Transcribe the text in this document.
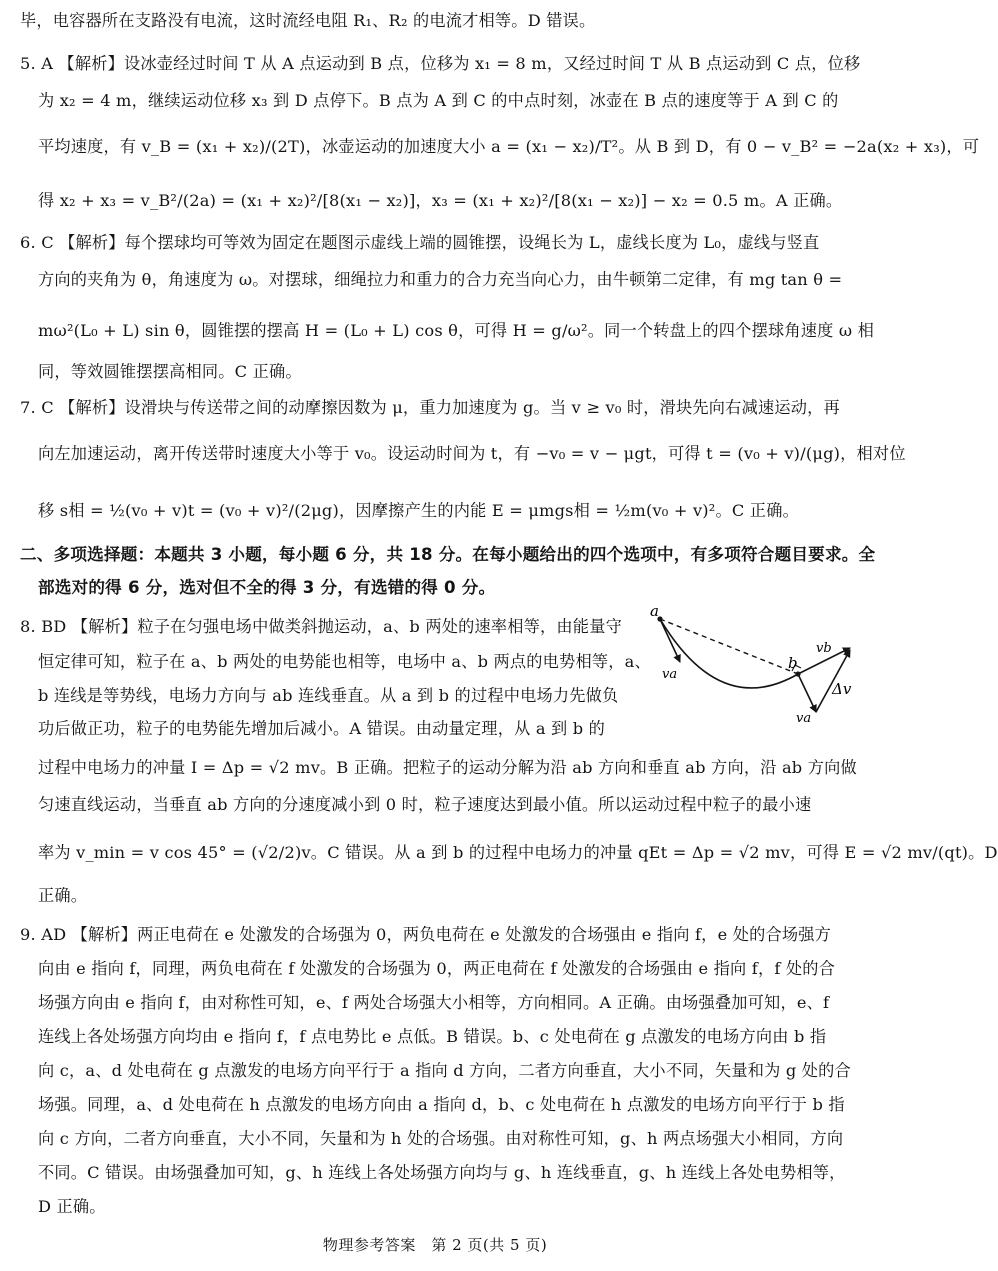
毕，电容器所在支路没有电流，这时流经电阻 R₁、R₂ 的电流才相等。D 错误。
5. A 【解析】设冰壶经过时间 T 从 A 点运动到 B 点，位移为 x₁ = 8 m，又经过时间 T 从 B 点运动到 C 点，位移
为 x₂ = 4 m，继续运动位移 x₃ 到 D 点停下。B 点为 A 到 C 的中点时刻，冰壶在 B 点的速度等于 A 到 C 的
平均速度，有 v_B = (x₁ + x₂)/(2T)，冰壶运动的加速度大小 a = (x₁ − x₂)/T²。从 B 到 D，有 0 − v_B² = −2a(x₂ + x₃)，可
得 x₂ + x₃ = v_B²/(2a) = (x₁ + x₂)²/[8(x₁ − x₂)]，x₃ = (x₁ + x₂)²/[8(x₁ − x₂)] − x₂ = 0.5 m。A 正确。
6. C 【解析】每个摆球均可等效为固定在题图示虚线上端的圆锥摆，设绳长为 L，虚线长度为 L₀，虚线与竖直
方向的夹角为 θ，角速度为 ω。对摆球，细绳拉力和重力的合力充当向心力，由牛顿第二定律，有 mg tan θ =
mω²(L₀ + L) sin θ，圆锥摆的摆高 H = (L₀ + L) cos θ，可得 H = g/ω²。同一个转盘上的四个摆球角速度 ω 相
同，等效圆锥摆摆高相同。C 正确。
7. C 【解析】设滑块与传送带之间的动摩擦因数为 μ，重力加速度为 g。当 v ≥ v₀ 时，滑块先向右减速运动，再
向左加速运动，离开传送带时速度大小等于 v₀。设运动时间为 t，有 −v₀ = v − μgt，可得 t = (v₀ + v)/(μg)，相对位
移 s相 = ½(v₀ + v)t = (v₀ + v)²/(2μg)，因摩擦产生的内能 E = μmgs相 = ½m(v₀ + v)²。C 正确。
二、多项选择题：本题共 3 小题，每小题 6 分，共 18 分。在每小题给出的四个选项中，有多项符合题目要求。全
部选对的得 6 分，选对但不全的得 3 分，有选错的得 0 分。
8. BD 【解析】粒子在匀强电场中做类斜抛运动，a、b 两处的速率相等，由能量守
恒定律可知，粒子在 a、b 两处的电势能也相等，电场中 a、b 两点的电势相等，a、
b 连线是等势线，电场力方向与 ab 连线垂直。从 a 到 b 的过程中电场力先做负
功后做正功，粒子的电势能先增加后减小。A 错误。由动量定理，从 a 到 b 的
过程中电场力的冲量 I = Δp = √2 mv。B 正确。把粒子的运动分解为沿 ab 方向和垂直 ab 方向，沿 ab 方向做
匀速直线运动，当垂直 ab 方向的分速度减小到 0 时，粒子速度达到最小值。所以运动过程中粒子的最小速
率为 v_min = v cos 45° = (√2/2)v。C 错误。从 a 到 b 的过程中电场力的冲量 qEt = Δp = √2 mv，可得 E = √2 mv/(qt)。D
正确。
9. AD 【解析】两正电荷在 e 处激发的合场强为 0，两负电荷在 e 处激发的合场强由 e 指向 f，e 处的合场强方
向由 e 指向 f，同理，两负电荷在 f 处激发的合场强为 0，两正电荷在 f 处激发的合场强由 e 指向 f，f 处的合
场强方向由 e 指向 f，由对称性可知，e、f 两处合场强大小相等，方向相同。A 正确。由场强叠加可知，e、f
连线上各处场强方向均由 e 指向 f，f 点电势比 e 点低。B 错误。b、c 处电荷在 g 点激发的电场方向由 b 指
向 c，a、d 处电荷在 g 点激发的电场方向平行于 a 指向 d 方向，二者方向垂直，大小不同，矢量和为 g 处的合
场强。同理，a、d 处电荷在 h 点激发的电场方向由 a 指向 d，b、c 处电荷在 h 点激发的电场方向平行于 b 指
向 c 方向，二者方向垂直，大小不同，矢量和为 h 处的合场强。由对称性可知，g、h 两点场强大小相同，方向
不同。C 错误。由场强叠加可知，g、h 连线上各处场强方向均与 g、h 连线垂直，g、h 连线上各处电势相等，
D 正确。
a
b
va
vb
va
Δv
物理参考答案　第 2 页(共 5 页)
